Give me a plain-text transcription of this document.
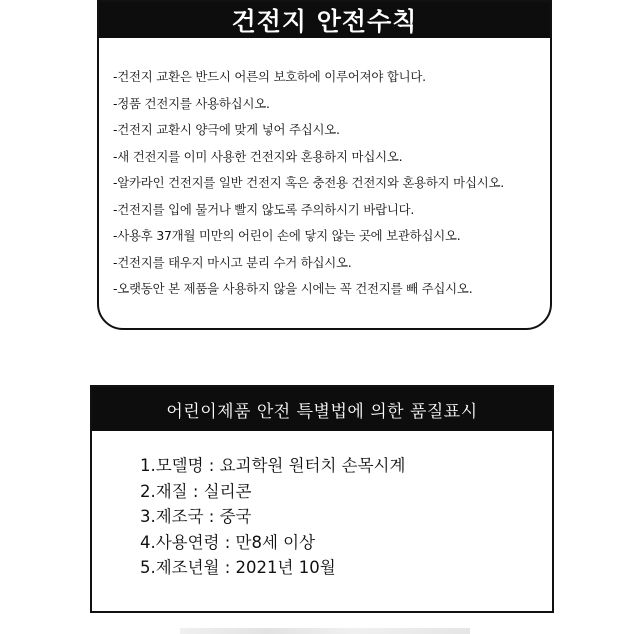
건전지 안전수칙
-건전지 교환은 반드시 어른의 보호하에 이루어져야 합니다.
-정품 건전지를 사용하십시오.
-건전지 교환시 양극에 맞게 넣어 주십시오.
-새 건전지를 이미 사용한 건전지와 혼용하지 마십시오.
-알카라인 건전지를 일반 건전지 혹은 충전용 건전지와 혼용하지 마십시오.
-건전지를 입에 물거나 빨지 않도록 주의하시기 바랍니다.
-사용후 37개월 미만의 어린이 손에 닿지 않는 곳에 보관하십시오.
-건전지를 태우지 마시고 분리 수거 하십시오.
-오랫동안 본 제품을 사용하지 않을 시에는 꼭 건전지를 빼 주십시오.
어린이제품 안전 특별법에 의한 품질표시
1.모델명 : 요괴학원 원터치 손목시계
2.재질 : 실리콘
3.제조국 : 중국
4.사용연령 : 만8세 이상
5.제조년월 : 2021년 10월
